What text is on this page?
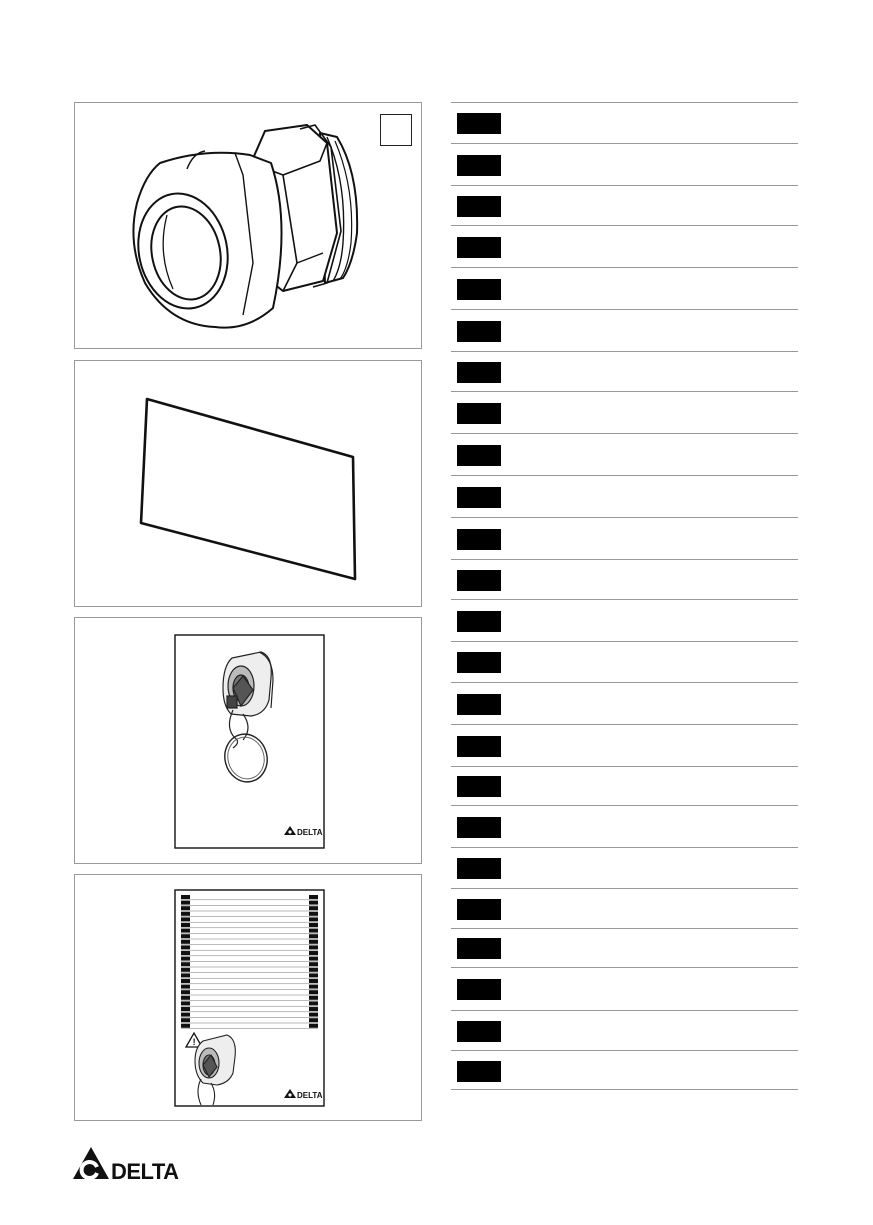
DELTA
!
DELTA
DELTA
